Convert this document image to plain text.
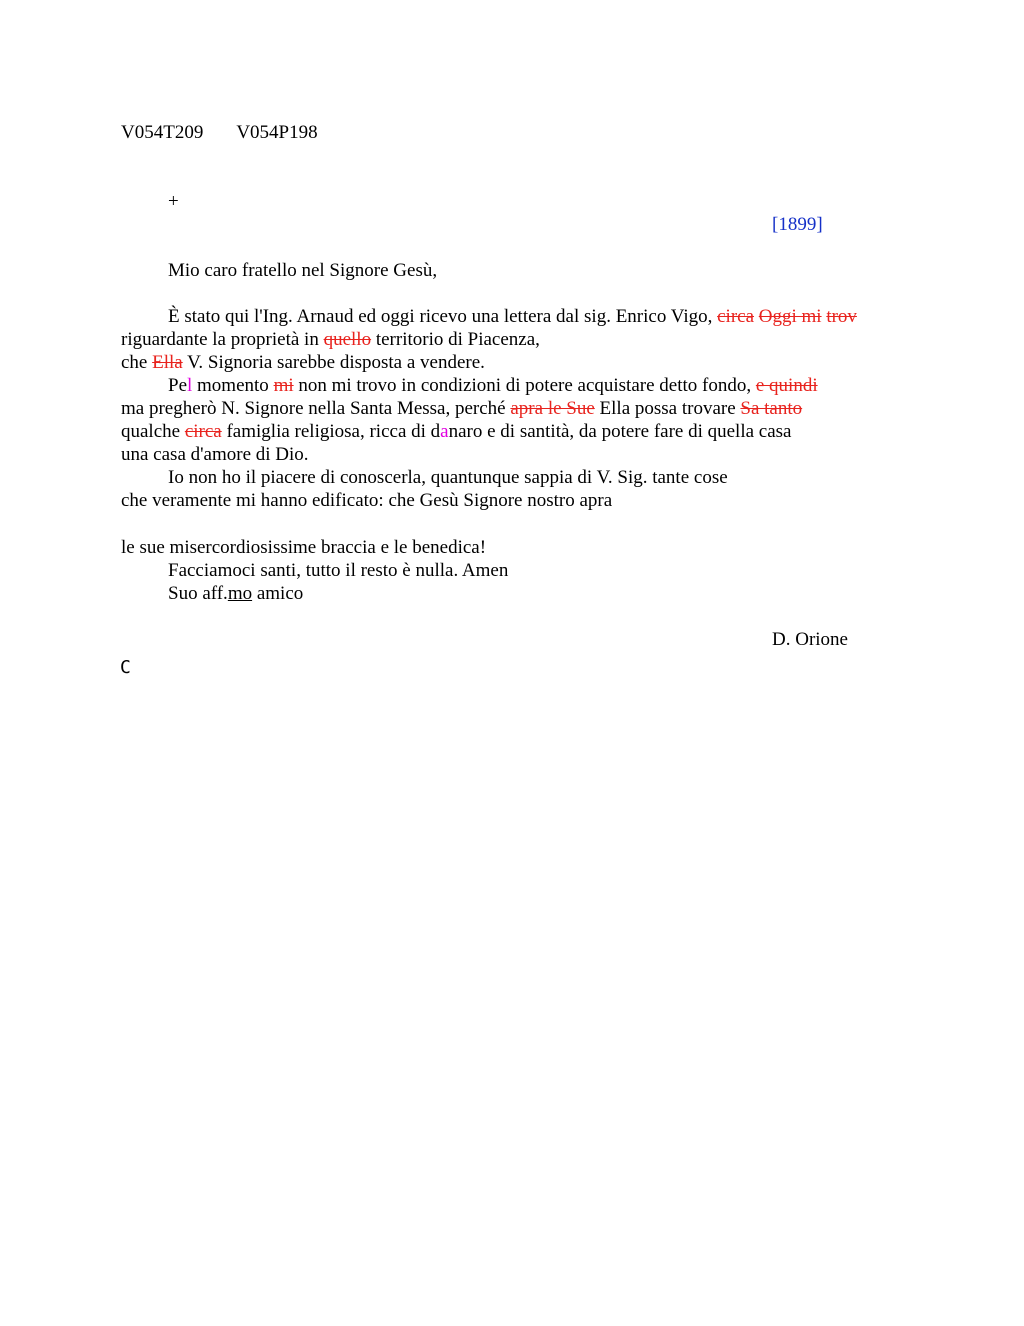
V054T209 V054P198
+
[1899]
Mio caro fratello nel Signore Gesù,
È stato qui l'Ing. Arnaud ed oggi ricevo una lettera dal sig. Enrico Vigo, circa Oggi mi trov
riguardante la proprietà in quello territorio di Piacenza,
che Ella V. Signoria sarebbe disposta a vendere.
Pel momento mi non mi trovo in condizioni di potere acquistare detto fondo, e quindi
ma pregherò N. Signore nella Santa Messa, perché apra le Sue Ella possa trovare Sa tanto
qualche circa famiglia religiosa, ricca di danaro e di santità, da potere fare di quella casa
una casa d'amore di Dio.
Io non ho il piacere di conoscerla, quantunque sappia di V. Sig. tante cose
che veramente mi hanno edificato: che Gesù Signore nostro apra
le sue misercordiosissime braccia e le benedica!
Facciamoci santi, tutto il resto è nulla. Amen
Suo aff.mo amico
D. Orione
C
